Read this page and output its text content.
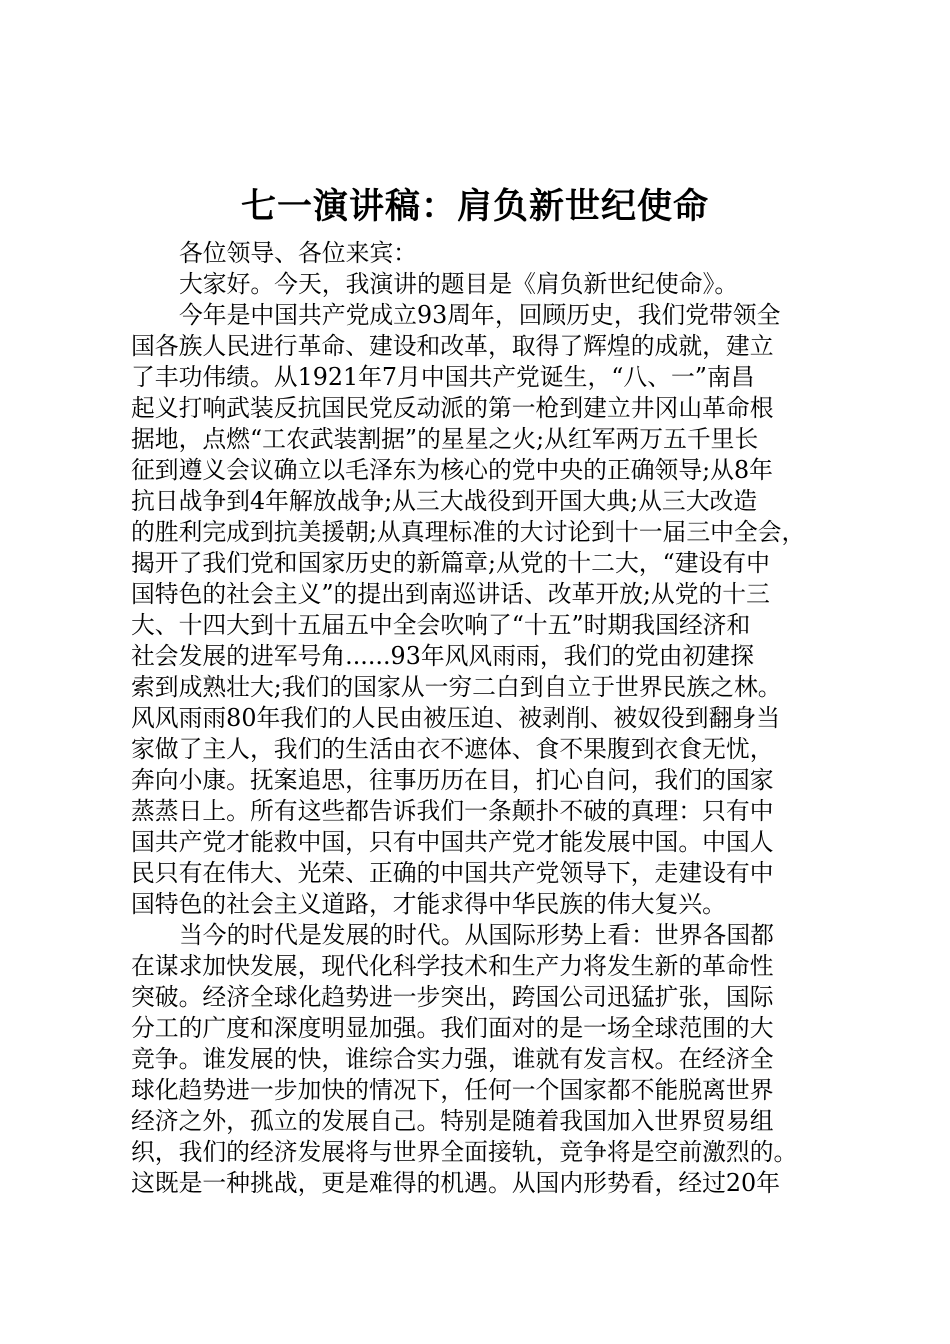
七一演讲稿：肩负新世纪使命
各位领导、各位来宾：
大家好。今天，我演讲的题目是《肩负新世纪使命》。
今年是中国共产党成立93周年，回顾历史，我们党带领全
国各族人民进行革命、建设和改革，取得了辉煌的成就，建立
了丰功伟绩。从1921年7月中国共产党诞生，“八、一”南昌
起义打响武装反抗国民党反动派的第一枪到建立井冈山革命根
据地，点燃“工农武装割据”的星星之火;从红军两万五千里长
征到遵义会议确立以毛泽东为核心的党中央的正确领导;从8年
抗日战争到4年解放战争;从三大战役到开国大典;从三大改造
的胜利完成到抗美援朝;从真理标准的大讨论到十一届三中全会，
揭开了我们党和国家历史的新篇章;从党的十二大，“建设有中
国特色的社会主义”的提出到南巡讲话、改革开放;从党的十三
大、十四大到十五届五中全会吹响了“十五”时期我国经济和
社会发展的进军号角......93年风风雨雨，我们的党由初建探
索到成熟壮大;我们的国家从一穷二白到自立于世界民族之林。
风风雨雨80年我们的人民由被压迫、被剥削、被奴役到翻身当
家做了主人，我们的生活由衣不遮体、食不果腹到衣食无忧，
奔向小康。抚案追思，往事历历在目，扪心自问，我们的国家
蒸蒸日上。所有这些都告诉我们一条颠扑不破的真理：只有中
国共产党才能救中国，只有中国共产党才能发展中国。中国人
民只有在伟大、光荣、正确的中国共产党领导下，走建设有中
国特色的社会主义道路，才能求得中华民族的伟大复兴。
当今的时代是发展的时代。从国际形势上看：世界各国都
在谋求加快发展，现代化科学技术和生产力将发生新的革命性
突破。经济全球化趋势进一步突出，跨国公司迅猛扩张，国际
分工的广度和深度明显加强。我们面对的是一场全球范围的大
竞争。谁发展的快，谁综合实力强，谁就有发言权。在经济全
球化趋势进一步加快的情况下，任何一个国家都不能脱离世界
经济之外，孤立的发展自己。特别是随着我国加入世界贸易组
织，我们的经济发展将与世界全面接轨，竞争将是空前激烈的。
这既是一种挑战，更是难得的机遇。从国内形势看，经过20年
